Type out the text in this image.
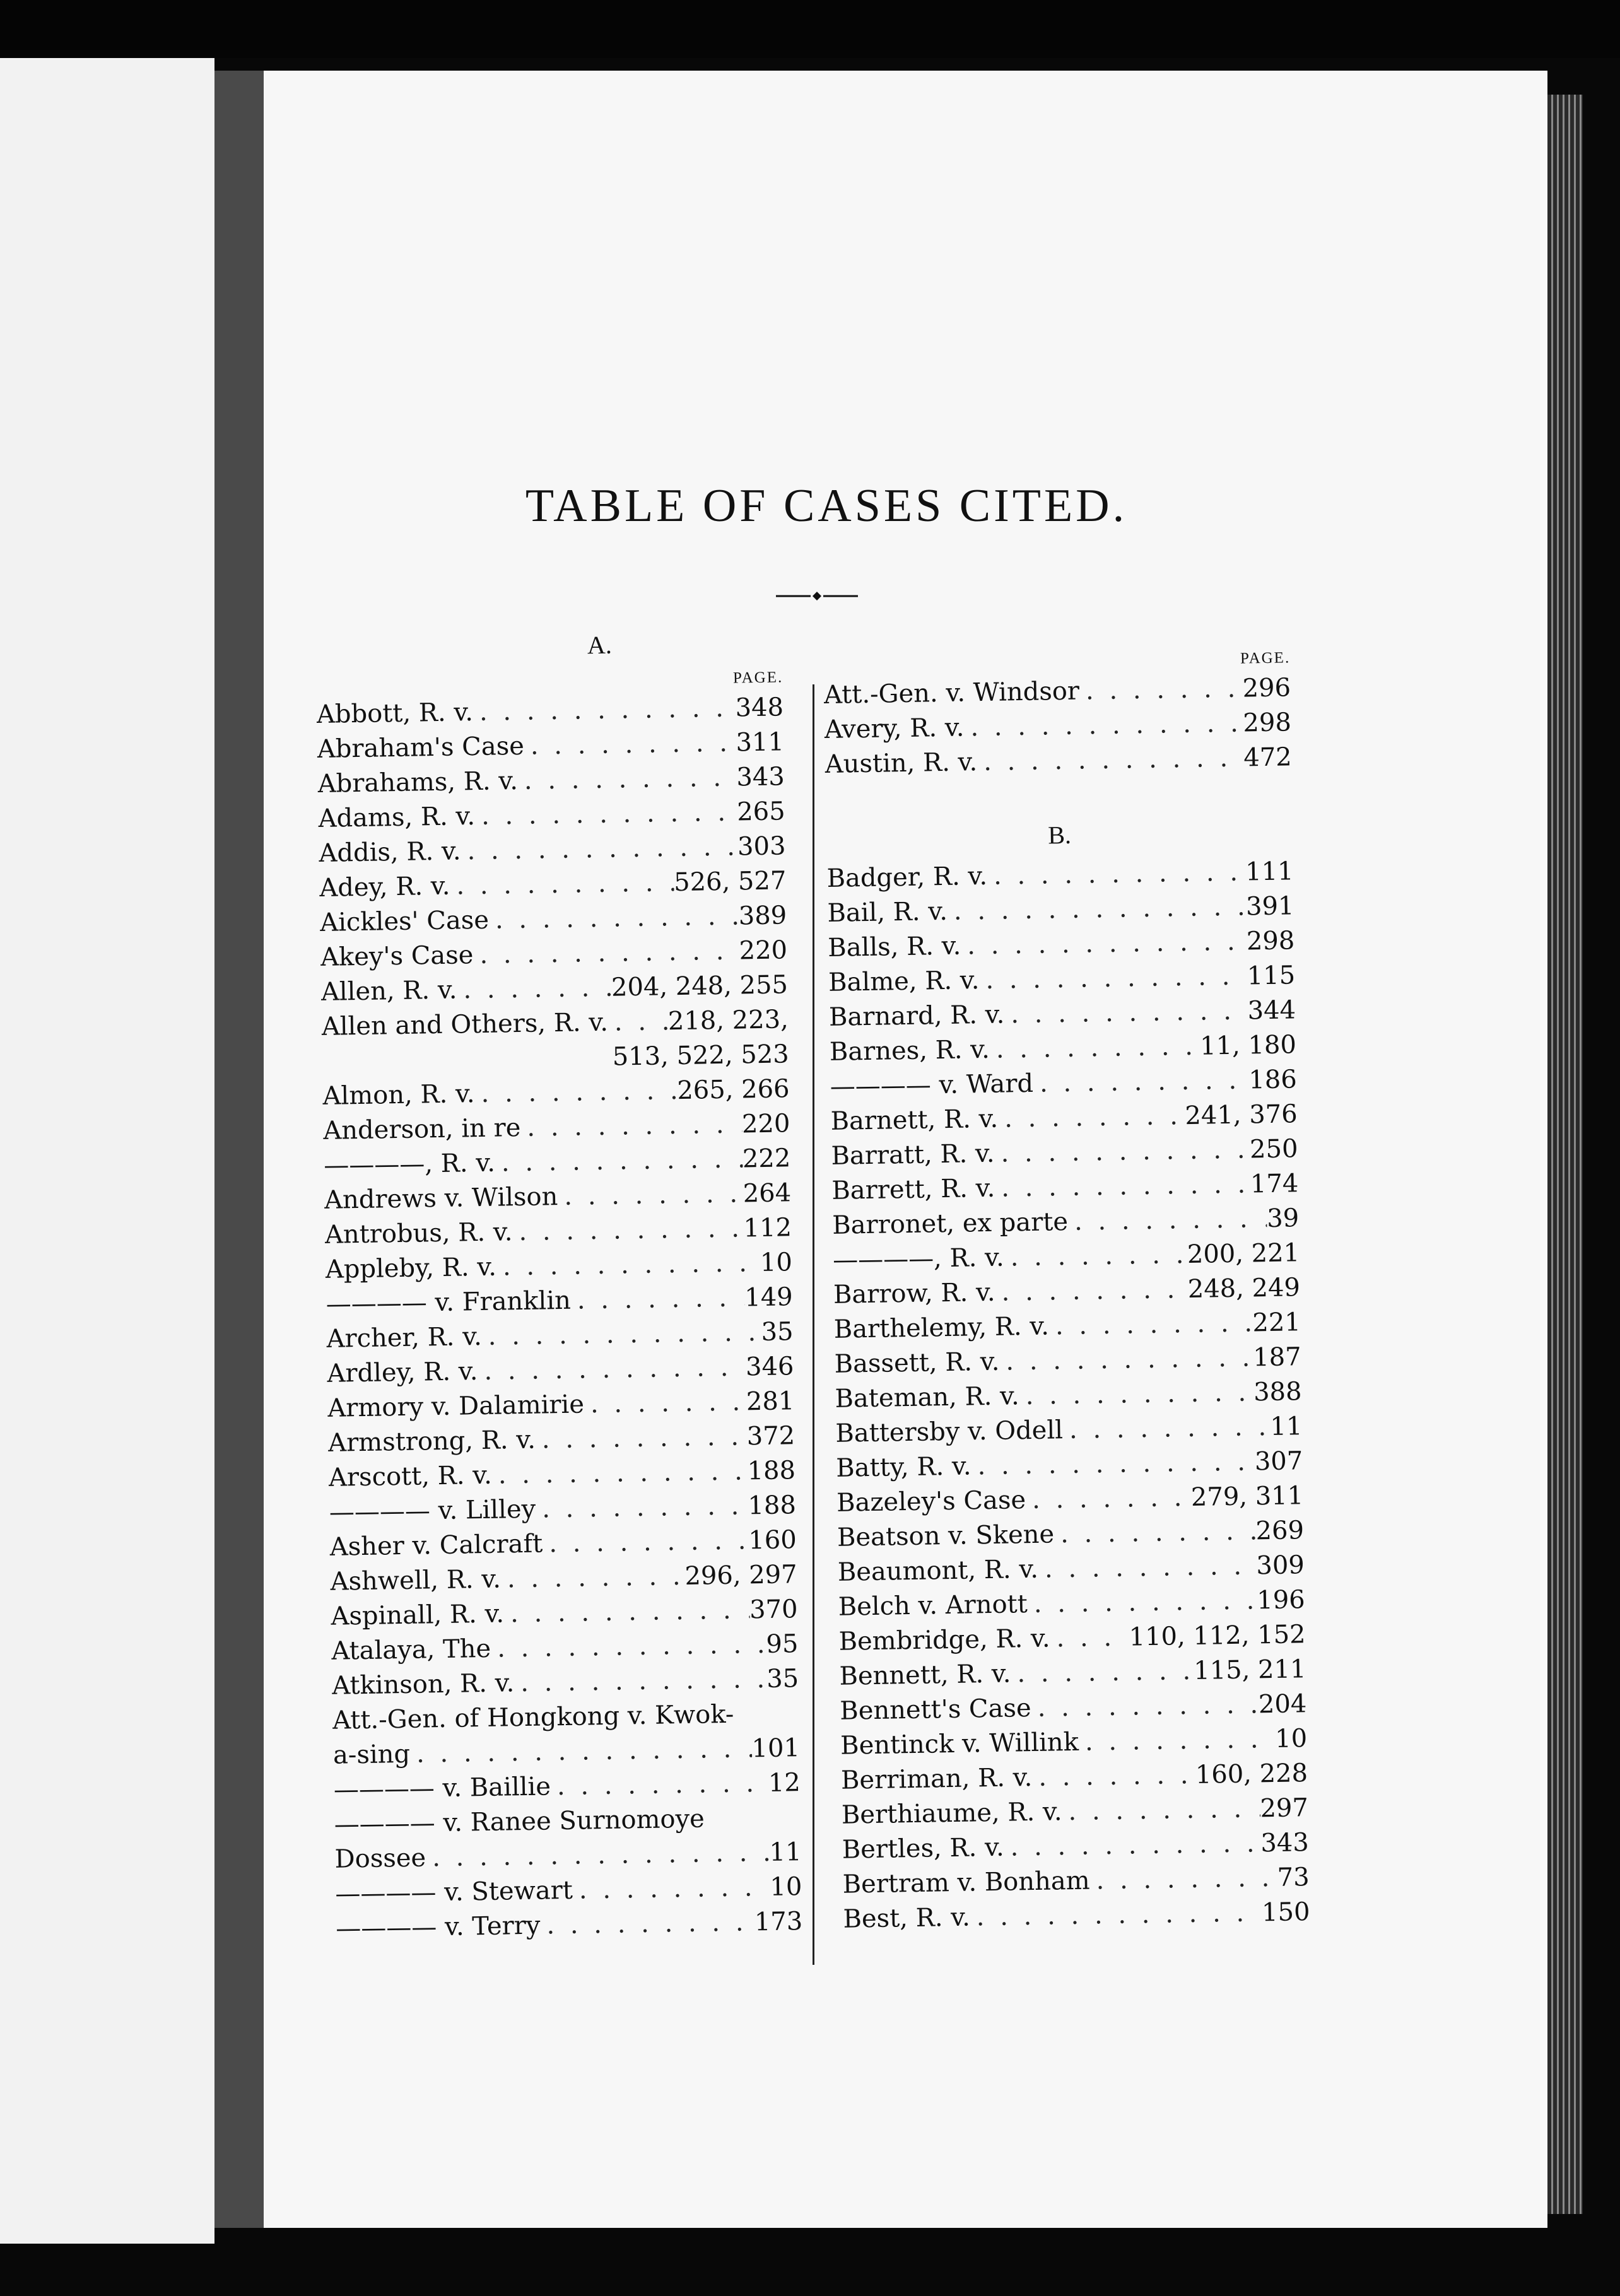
TABLE OF CASES CITED.
A.
PAGE.
Abbott, R. v. . . .	348
Abraham's Case . . .	311
Abrahams, R. v. . . .	343
Adams, R. v. . . .	265
Addis, R. v. . . .	303
Adey, R. v. . . .	526, 527
Aickles' Case . . .	389
Akey's Case . . .	220
Allen, R. v. . . .	204, 248, 255
Allen and Others, R. v. . . . 218, 223,
513, 522, 523
Almon, R. v. . . .	265, 266
Anderson, in re . . .	220
————, R. v. . . .	222
Andrews v. Wilson . . .	264
Antrobus, R. v. . . .	112
Appleby, R. v. . . .	10
———— v. Franklin . . .	149
Archer, R. v. . . .	35
Ardley, R. v. . . .	346
Armory v. Dalamirie . . .	281
Armstrong, R. v. . . .	372
Arscott, R. v. . . .	188
———— v. Lilley . . .	188
Asher v. Calcraft . . .	160
Ashwell, R. v. . . .	296, 297
Aspinall, R. v. . . .	370
Atalaya, The . . .	95
Atkinson, R. v. . . .	35
Att.-Gen. of Hongkong v. Kwok-
a-sing . . .	101
———— v. Baillie . . .	12
———— v. Ranee Surnomoye
Dossee . . .	11
———— v. Stewart . . .	10
———— v. Terry . . .	173
PAGE.
Att.-Gen. v. Windsor . . .	296
Avery, R. v. . . .	298
Austin, R. v. . . .	472
B.
Badger, R. v. . . .	111
Bail, R. v. . . .	391
Balls, R. v. . . .	298
Balme, R. v. . . .	115
Barnard, R. v. . . .	344
Barnes, R. v. . . .	11, 180
———— v. Ward . . .	186
Barnett, R. v. . . .	241, 376
Barratt, R. v. . . .	250
Barrett, R. v. . . .	174
Barronet, ex parte . . .	39
————, R. v. . . .	200, 221
Barrow, R. v. . . .	248, 249
Barthelemy, R. v. . . .	221
Bassett, R. v. . . .	187
Bateman, R. v. . . .	388
Battersby v. Odell . . .	11
Batty, R. v. . . .	307
Bazeley's Case . . .	279, 311
Beatson v. Skene . . .	269
Beaumont, R. v. . . .	309
Belch v. Arnott . . .	196
Bembridge, R. v. . . .	110, 112, 152
Bennett, R. v. . . .	115, 211
Bennett's Case . . .	204
Bentinck v. Willink . . .	10
Berriman, R. v. . . .	160, 228
Berthiaume, R. v. . . .	297
Bertles, R. v. . . .	343
Bertram v. Bonham . . .	73
Best, R. v. . . .	150
